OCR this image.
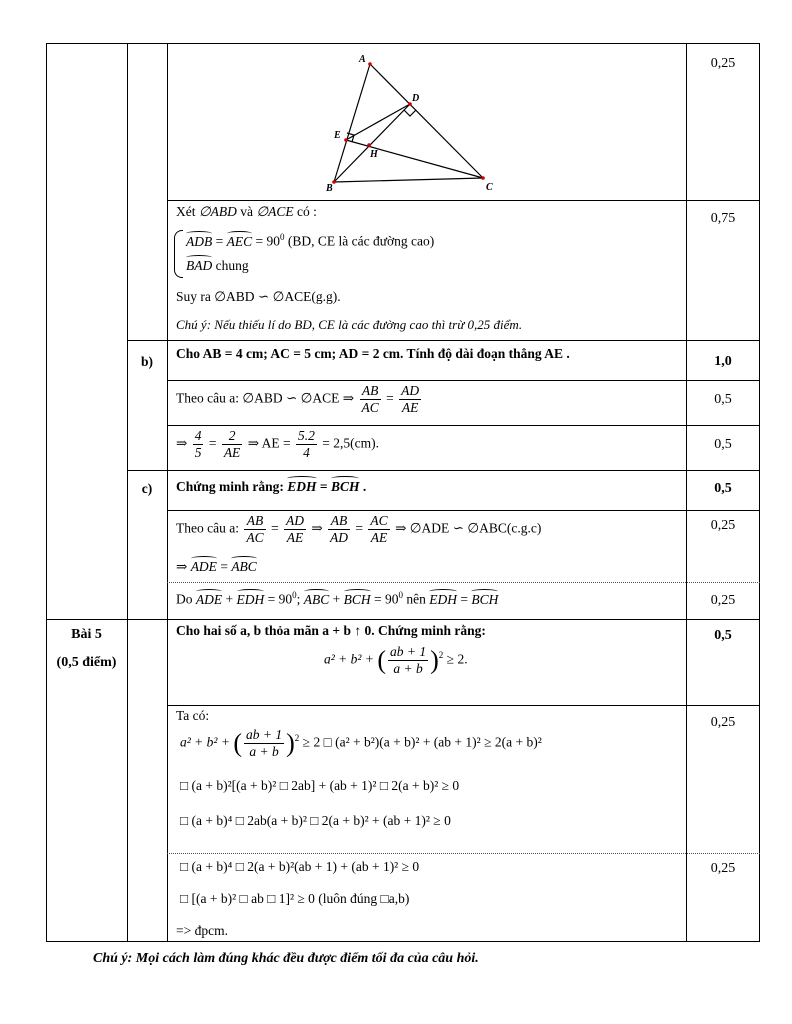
A
D
E
H
B	C
0,25
Xét ∅ABD và ∅ACE có :
ADB = AEC = $90^0$ (BD, CE là các đường cao)
BAD chung
Suy ra ∅ABD ∽ ∅ACE(g.g).
Chú ý: Nếu thiếu lí do BD, CE là các đường cao thì trừ 0,25 điểm.
0,75
b)
Cho AB = 4 cm; AC = 5 cm; AD = 2 cm. Tính độ dài đoạn thẳng AE .
1,0
Theo câu a: ∅ABD ∽ ∅ACE ⇒ $\frac{AB}{AC} = \frac{AD}{AE}$	0,5
⇒ $\frac{4}{5} = \frac{2}{AE}$ ⇒ AE = $\frac{5.2}{4} = 2,5(cm)$.	0,5
c)	Chứng minh rằng: EDH = BCH .	0,5
Theo câu a: $\frac{AB}{AC} = \frac{AD}{AE}$ ⇒ $\frac{AB}{AD} = \frac{AC}{AE}$ ⇒ ∅ADE ∽ ∅ABC(c.g.c)	0,25
⇒ ADE = ABC
Do ADE + EDH = $90^0$; ABC + BCH = $90^0$ nên EDH = BCH	0,25
Bài 5
(0,5 điểm)
Cho hai số a, b thỏa mãn a + b ↑ 0. Chứng minh rằng:
a² + b² + ( $\frac{ab + 1}{a + b} )^2 \ge 2$.
0,5
Ta có:
a² + b² + ( $\frac{ab + 1}{a + b} )^2 \ge 2$ □ (a² + b²)(a + b)² + (ab + 1)² ≥ 2(a + b)²
□ (a + b)²[(a + b)² □ 2ab] + (ab + 1)² □ 2(a + b)² ≥ 0
□ (a + b)⁴ □ 2ab(a + b)² □ 2(a + b)² + (ab + 1)² ≥ 0
0,25
□ (a + b)⁴ □ 2(a + b)²(ab + 1) + (ab + 1)² ≥ 0
□ [(a + b)² □ ab □ 1]² ≥ 0 (luôn đúng □a,b)
=> đpcm.
0,25
Chú ý: Mọi cách làm đúng khác đều được điểm tối đa của câu hỏi.
